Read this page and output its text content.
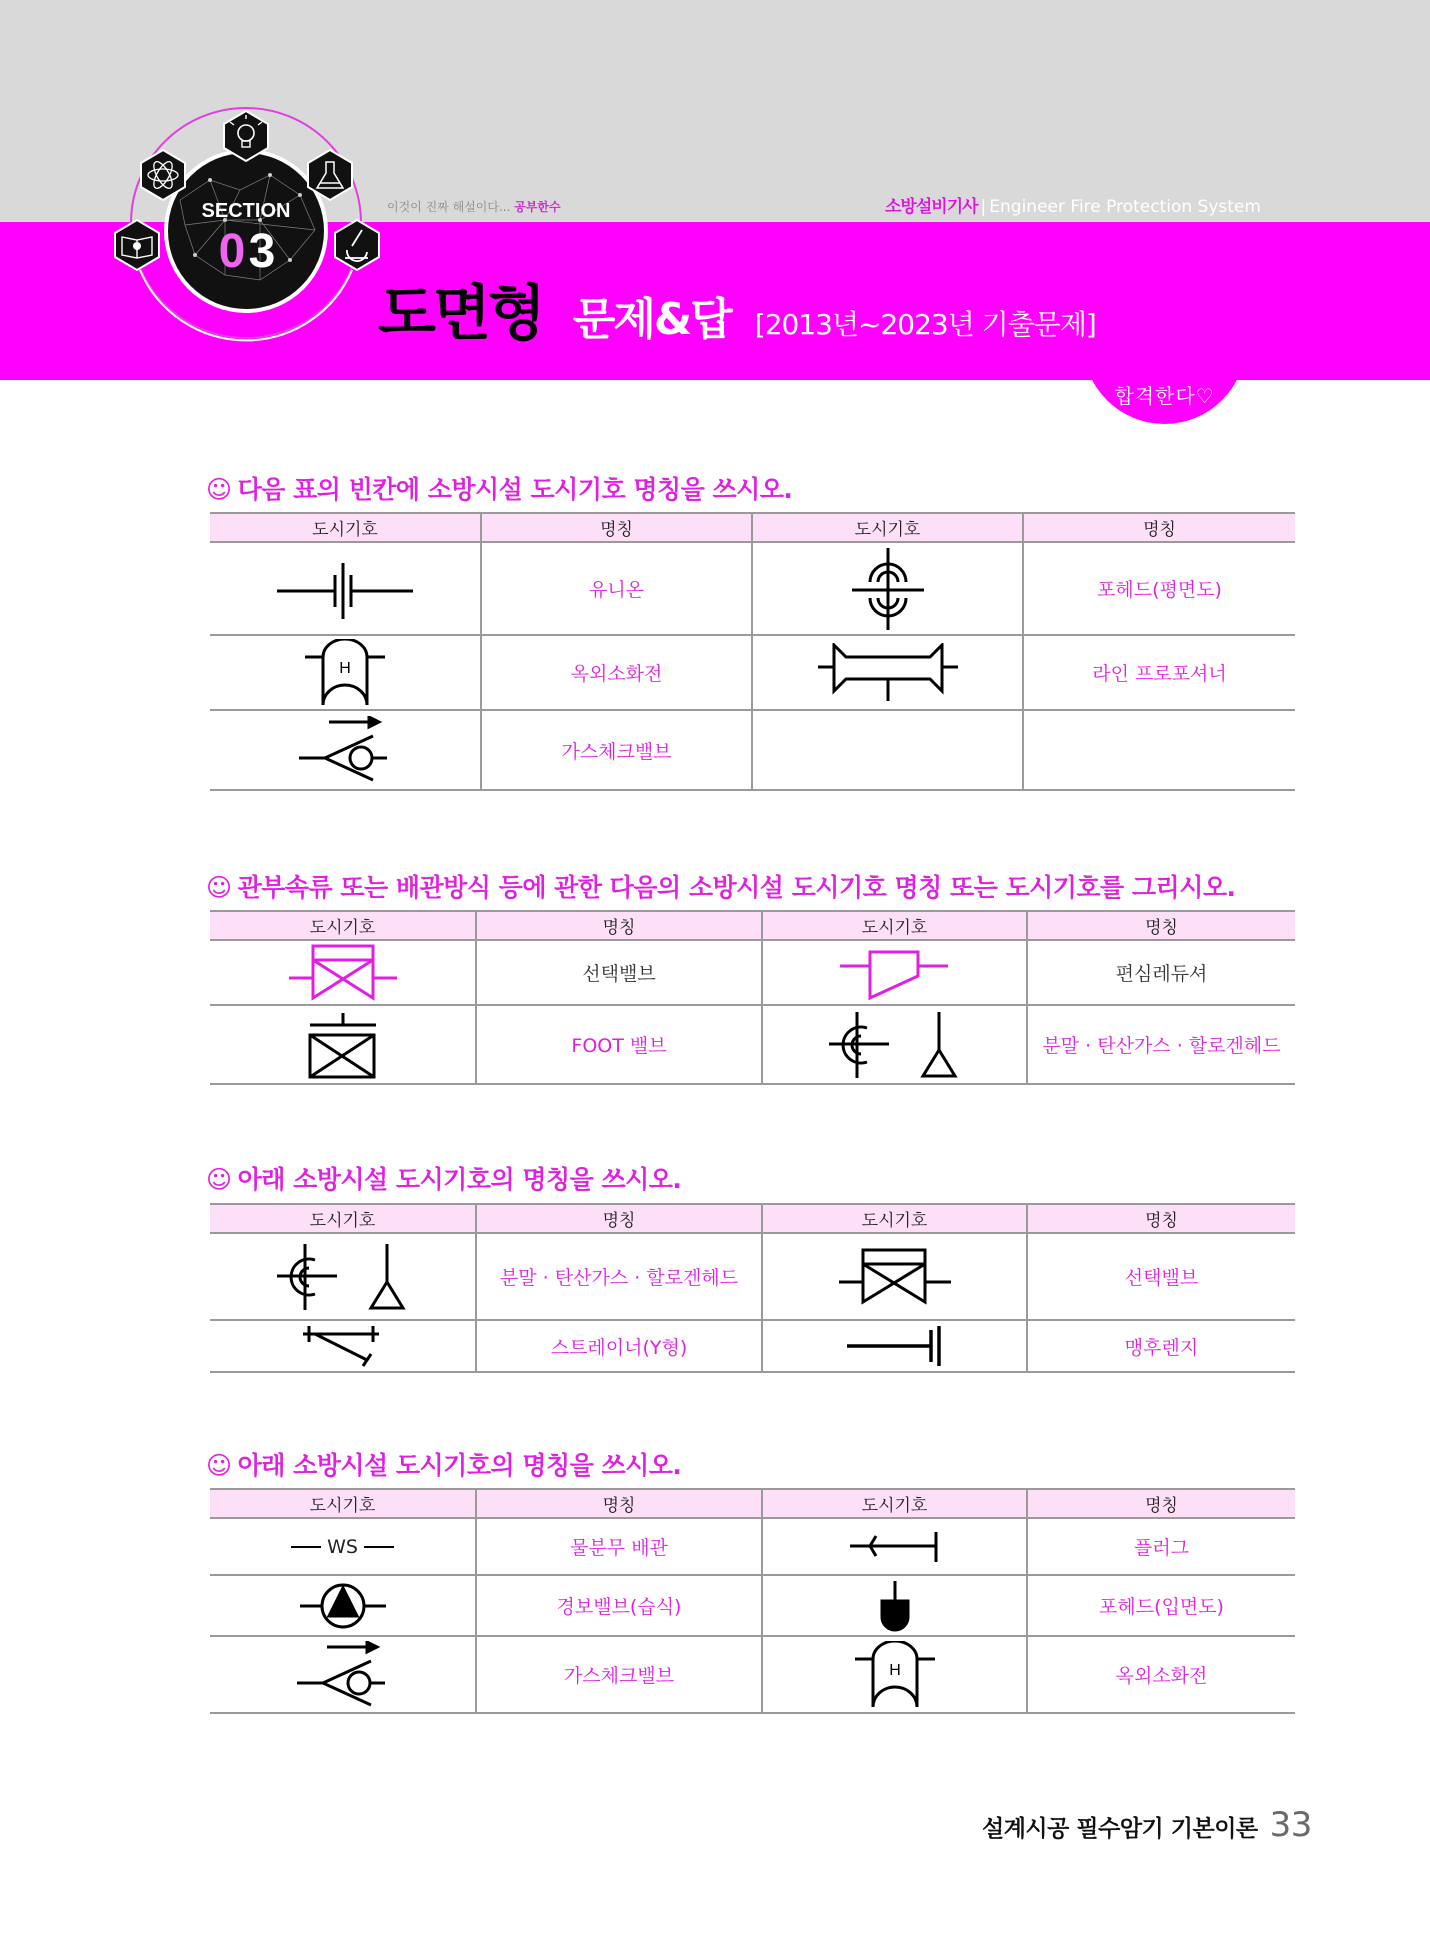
합격한다♡
SECTION
0 3
이것이 진짜 해설이다... 공부한수	소방설비기사 | Engineer Fire Protection System
도면형 문제&답 [2013년~2023년 기출문제]
☺ 다음 표의 빈칸에 소방시설 도시기호 명칭을 쓰시오.
도시기호	명칭	도시기호	명칭

	유니온		포헤드(평면도)

H	옥외소화전		라인 프로포셔너

	가스체크밸브		
☺ 관부속류 또는 배관방식 등에 관한 다음의 소방시설 도시기호 명칭 또는 도시기호를 그리시오.
도시기호	명칭	도시기호	명칭

	선택밸브		편심레듀셔

	FOOT 밸브		분말 · 탄산가스 · 할로겐헤드
☺ 아래 소방시설 도시기호의 명칭을 쓰시오.
도시기호	명칭	도시기호	명칭

	분말 · 탄산가스 · 할로겐헤드		선택밸브

	스트레이너(Y형)		맹후렌지
☺ 아래 소방시설 도시기호의 명칭을 쓰시오.
도시기호	명칭	도시기호	명칭

WS	물분무 배관		플러그

	경보밸브(습식)		포헤드(입면도)

	가스체크밸브	H	옥외소화전
설계시공 필수암기 기본이론 33
